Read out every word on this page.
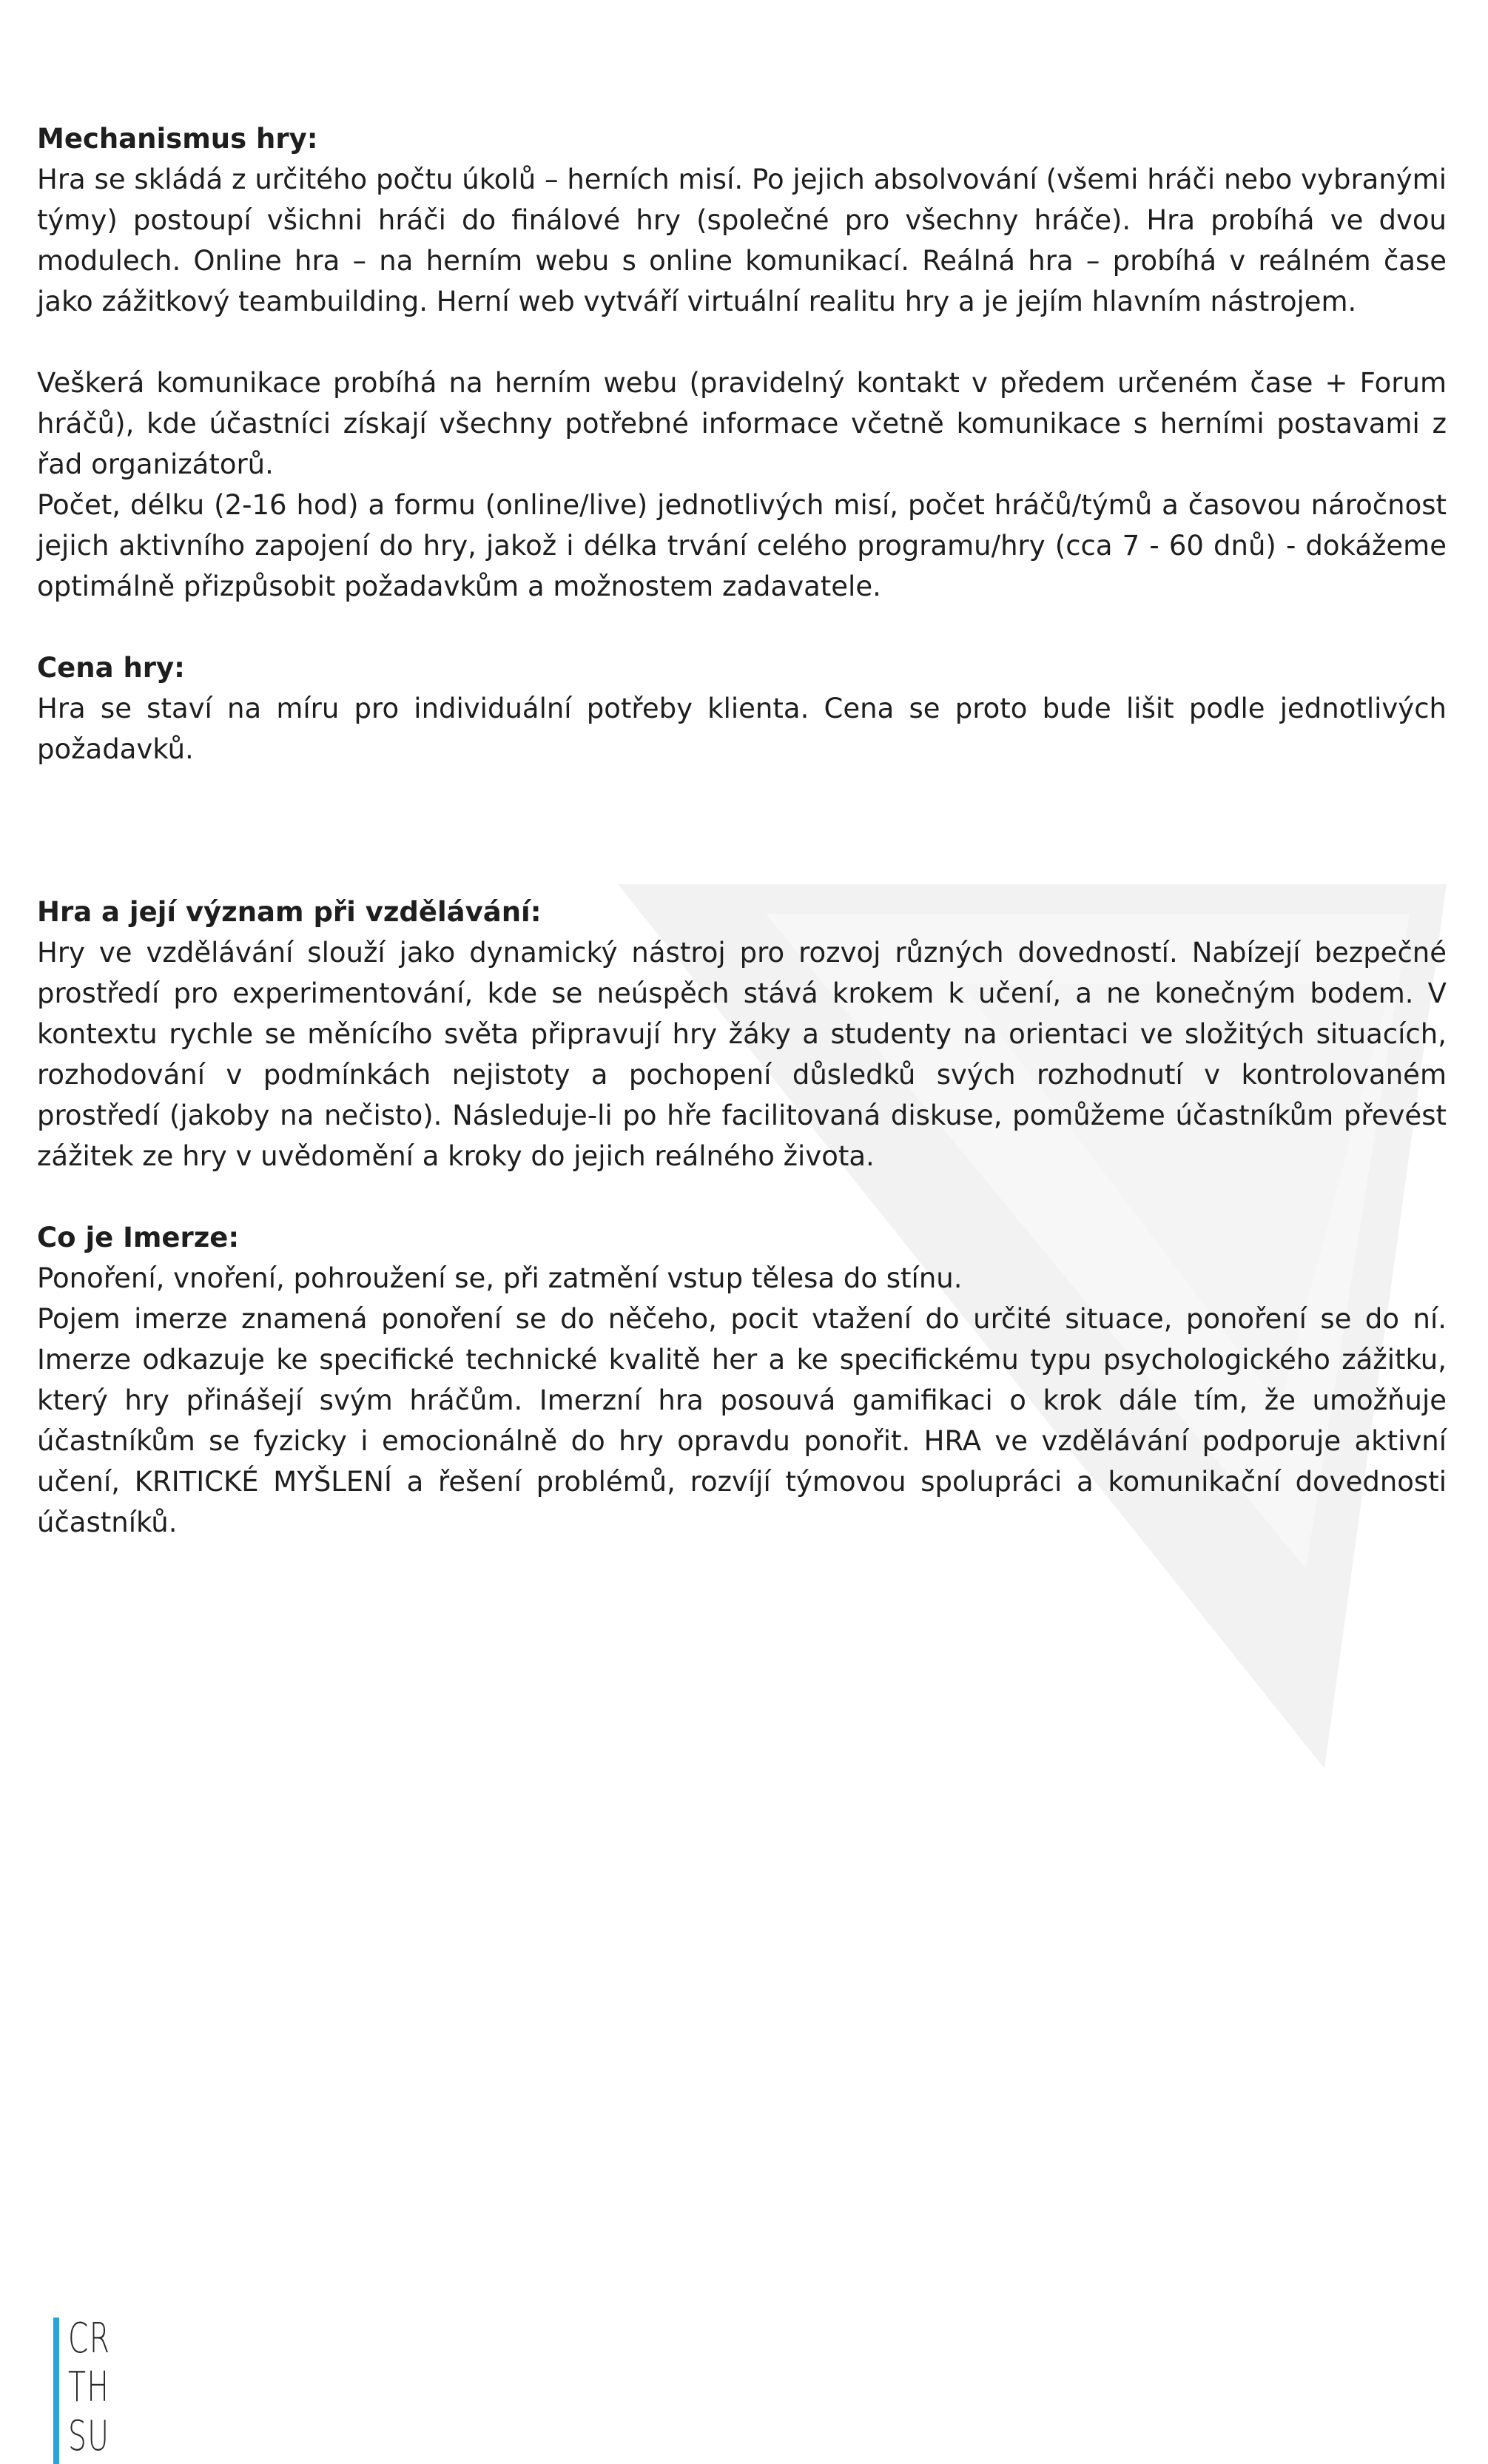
Mechanismus hry:

Hra se skládá z určitého počtu úkolů – herních misí. Po jejich absolvování (všemi hráči nebo vybranými týmy) postoupí všichni hráči do finálové hry (společné pro všechny hráče). Hra probíhá ve dvou modulech. Online hra – na herním webu s online komunikací. Reálná hra – probíhá v reálném čase jako zážitkový teambuilding. Herní web vytváří virtuální realitu hry a je jejím hlavním nástrojem.

Veškerá komunikace probíhá na herním webu (pravidelný kontakt v předem určeném čase + Forum hráčů), kde účastníci získají všechny potřebné informace včetně komunikace s herními postavami z řad organizátorů.

Počet, délku (2-16 hod) a formu (online/live) jednotlivých misí, počet hráčů/týmů a časovou náročnost jejich aktivního zapojení do hry, jakož i délka trvání celého programu/hry (cca 7 - 60 dnů) - dokážeme optimálně přizpůsobit požadavkům a možnostem zadavatele.

Cena hry:

Hra se staví na míru pro individuální potřeby klienta. Cena se proto bude lišit podle jednotlivých požadavků.

Hra a její význam při vzdělávání:

Hry ve vzdělávání slouží jako dynamický nástroj pro rozvoj různých dovedností. Nabízejí bezpečné prostředí pro experimentování, kde se neúspěch stává krokem k učení, a ne konečným bodem. V kontextu rychle se měnícího světa připravují hry žáky a studenty na orientaci ve složitých situacích, rozhodování v podmínkách nejistoty a pochopení důsledků svých rozhodnutí v kontrolovaném prostředí (jakoby na nečisto). Následuje-li po hře facilitovaná diskuse, pomůžeme účastníkům převést zážitek ze hry v uvědomění a kroky do jejich reálného života.

Co je Imerze:

Ponoření, vnoření, pohroužení se, při zatmění vstup tělesa do stínu.

Pojem imerze znamená ponoření se do něčeho, pocit vtažení do určité situace, ponoření se do ní. Imerze odkazuje ke specifické technické kvalitě her a ke specifickému typu psychologického zážitku, který hry přinášejí svým hráčům. Imerzní hra posouvá gamifikaci o krok dále tím, že umožňuje účastníkům se fyzicky i emocionálně do hry opravdu ponořit. HRA ve vzdělávání podporuje aktivní učení, KRITICKÉ MYŠLENÍ a řešení problémů, rozvíjí týmovou spolupráci a komunikační dovednosti účastníků.

CR
TH
SU
